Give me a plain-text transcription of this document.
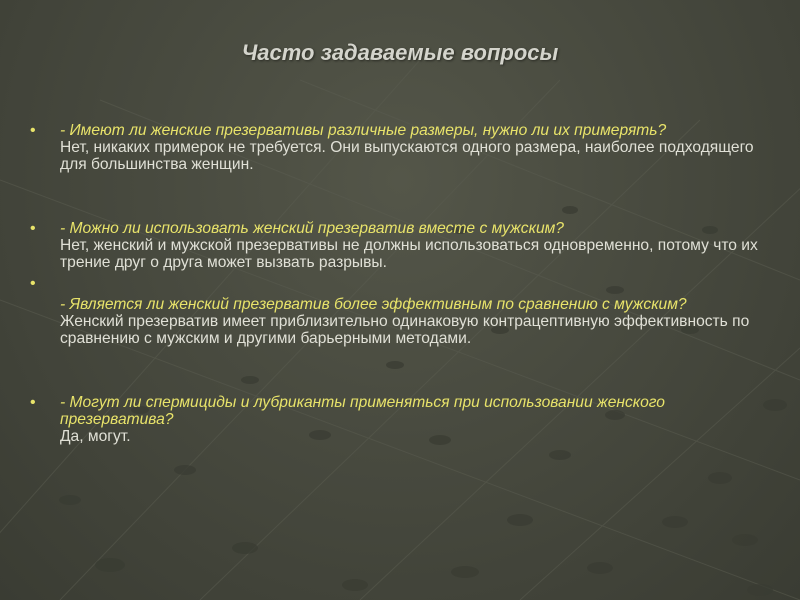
Часто задаваемые вопросы
• - Имеют ли женские презервативы различные размеры, нужно ли их примерять?
Нет, никаких примерок не требуется. Они выпускаются одного размера, наиболее подходящего для большинства женщин.
• - Можно ли использовать женский презерватив вместе с мужским?
Нет, женский и мужской презервативы не должны использоваться одновременно, потому что их трение друг о друга может вызвать разрывы.
•
- Является ли женский презерватив более эффективным по сравнению с мужским?
Женский презерватив имеет приблизительно одинаковую контрацептивную эффективность по сравнению с мужским и другими барьерными методами.
• - Могут ли спермициды и лубриканты применяться при использовании женского презерватива?
Да, могут.
